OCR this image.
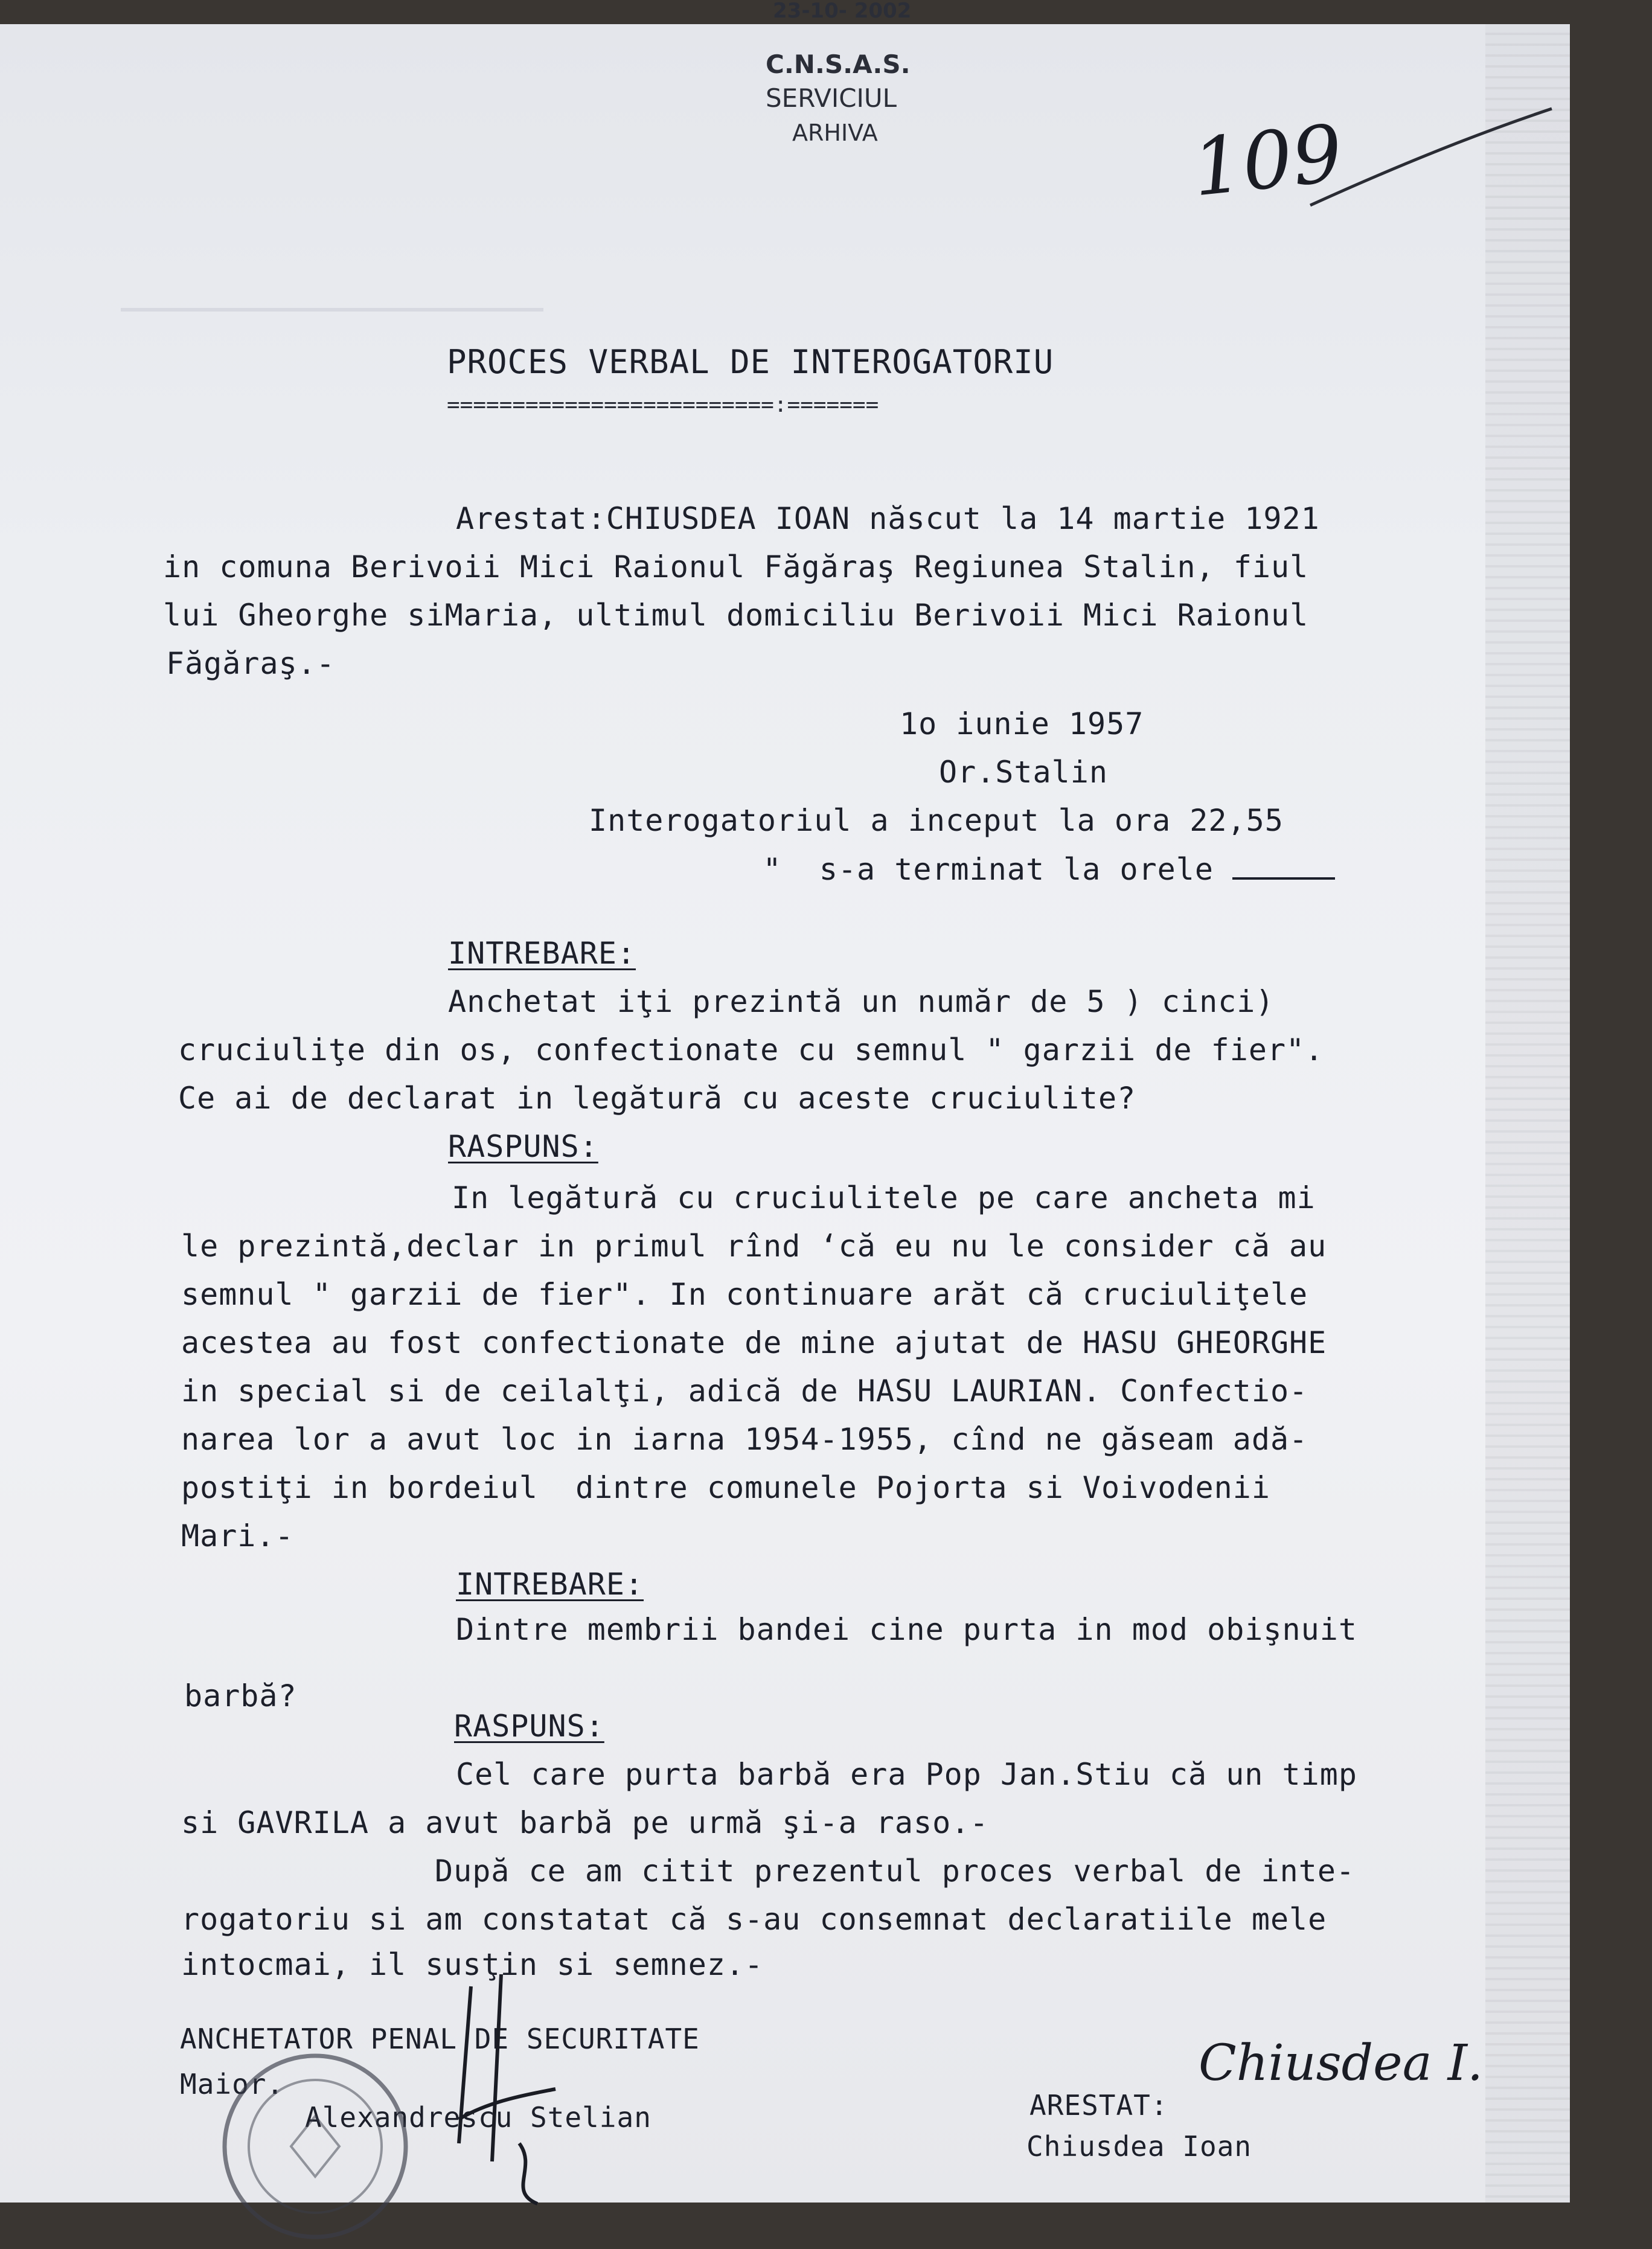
23-10- 2002
C.N.S.A.S.
SERVICIUL
ARHIVA	109
PROCES VERBAL DE INTEROGATORIU
=========================:=======
Arestat:CHIUSDEA IOAN născut la 14 martie 1921
in comuna Berivoii Mici Raionul Făgăraş Regiunea Stalin, fiul
lui Gheorghe siMaria, ultimul domiciliu Berivoii Mici Raionul
Făgăraş.-
1o iunie 1957
Or.Stalin
Interogatoriul a inceput la ora 22,55

"  s-a terminat la orele

INTREBARE:
Anchetat iţi prezintă un număr de 5 ) cinci)
cruciuliţe din os, confectionate cu semnul " garzii de fier".
Ce ai de declarat in legătură cu aceste cruciulite?
RASPUNS:
In legătură cu cruciulitele pe care ancheta mi
le prezintă,declar in primul rînd ‘că eu nu le consider că au
semnul " garzii de fier". In continuare arăt că cruciuliţele
acestea au fost confectionate de mine ajutat de HASU GHEORGHE
in special si de ceilalţi, adică de HASU LAURIAN. Confectio-
narea lor a avut loc in iarna 1954-1955, cînd ne găseam adă-
postiţi in bordeiul  dintre comunele Pojorta si Voivodenii
Mari.-
INTREBARE:
Dintre membrii bandei cine purta in mod obişnuit
barbă?
RASPUNS:
Cel care purta barbă era Pop Jan.Stiu că un timp
si GAVRILA a avut barbă pe urmă şi-a raso.-
După ce am citit prezentul proces verbal de inte-
rogatoriu si am constatat că s-au consemnat declaratiile mele
intocmai, il susţin si semnez.-
ANCHETATOR PENAL DE SECURITATE
Maior.
Alexandrescu Stelian
Chiusdea I.
ARESTAT:
Chiusdea Ioan
